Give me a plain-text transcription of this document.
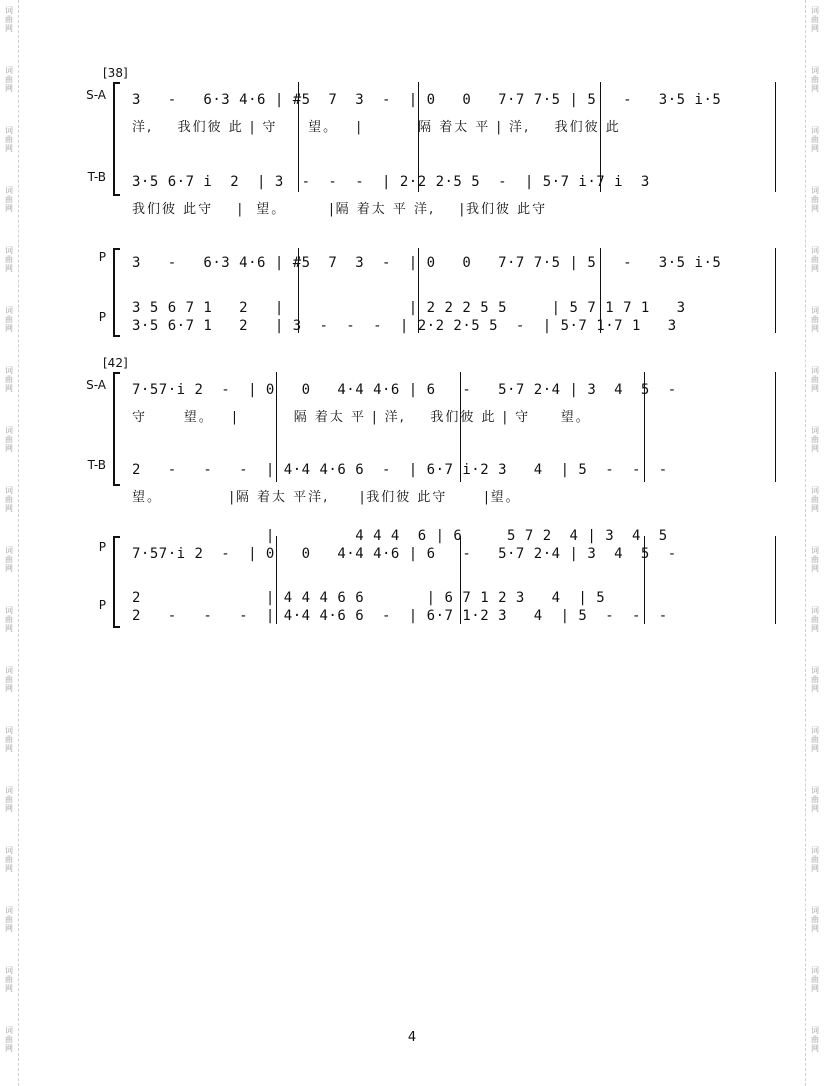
词
曲
网
词
曲
网
词
曲
网
词
曲
网
词
曲
网
词
曲
网
词
曲
网
词
曲
网
词
曲
网
词
曲
网
词
曲
网
词
曲
网
词
曲
网
词
曲
网
词
曲
网
词
曲
网
词
曲
网
词
曲
网
词
曲
网
词
曲
网
词
曲
网
词
曲
网
词
曲
网
词
曲
网
词
曲
网
词
曲
网
词
曲
网
词
曲
网
词
曲
网
词
曲
网
词
曲
网
词
曲
网
词
曲
网
词
曲
网
词
曲
网
词
曲
网
[38]
S-A
T-B
P
P
3   -   6·3 4·6 | #5  7  3  -  | 0   0   7·7 7·5 | 5   -   3·5 i·5
洋,    我们彼 此 | 守     望。   |         隔 着太 平 | 洋,    我们彼 此
3·5 6·7 i  2  | 3  -  -  -  | 2·2 2·5 5  -  | 5·7 i·7 i  3
我们彼 此守    |  望。       |隔 着太 平 洋,    |我们彼 此守
3   -   6·3 4·6 | #5  7  3  -  | 0   0   7·7 7·5 | 5   -   3·5 i·5
3 5 6 7 1   2   |              | 2 2 2 5 5     | 5 7 1 7 1   3
3·5 6·7 1   2   | 3  -  -  -  | 2·2 2·5 5  -  | 5·7 1·7 1   3
[42]
S-A
T-B
P
P
7·57·i 2  -  | 0   0   4·4 4·6 | 6   -   5·7 2·4 | 3  4  5  -
守      望。   |         隔 着太 平 | 洋,    我们彼 此 | 守     望。
2   -   -   -  | 4·4 4·6 6  -  | 6·7 i·2 3   4  | 5  -  -  -
望。           |隔 着太 平洋,     |我们彼 此守      |望。
|         4 4 4  6 | 6     5 7 2  4 | 3  4  5
7·57·i 2  -  | 0   0   4·4 4·6 | 6   -   5·7 2·4 | 3  4  5  -
2              | 4 4 4 6 6       | 6 7 1 2 3   4  | 5
2   -   -   -  | 4·4 4·6 6  -  | 6·7 1·2 3   4  | 5  -  -  -
4
